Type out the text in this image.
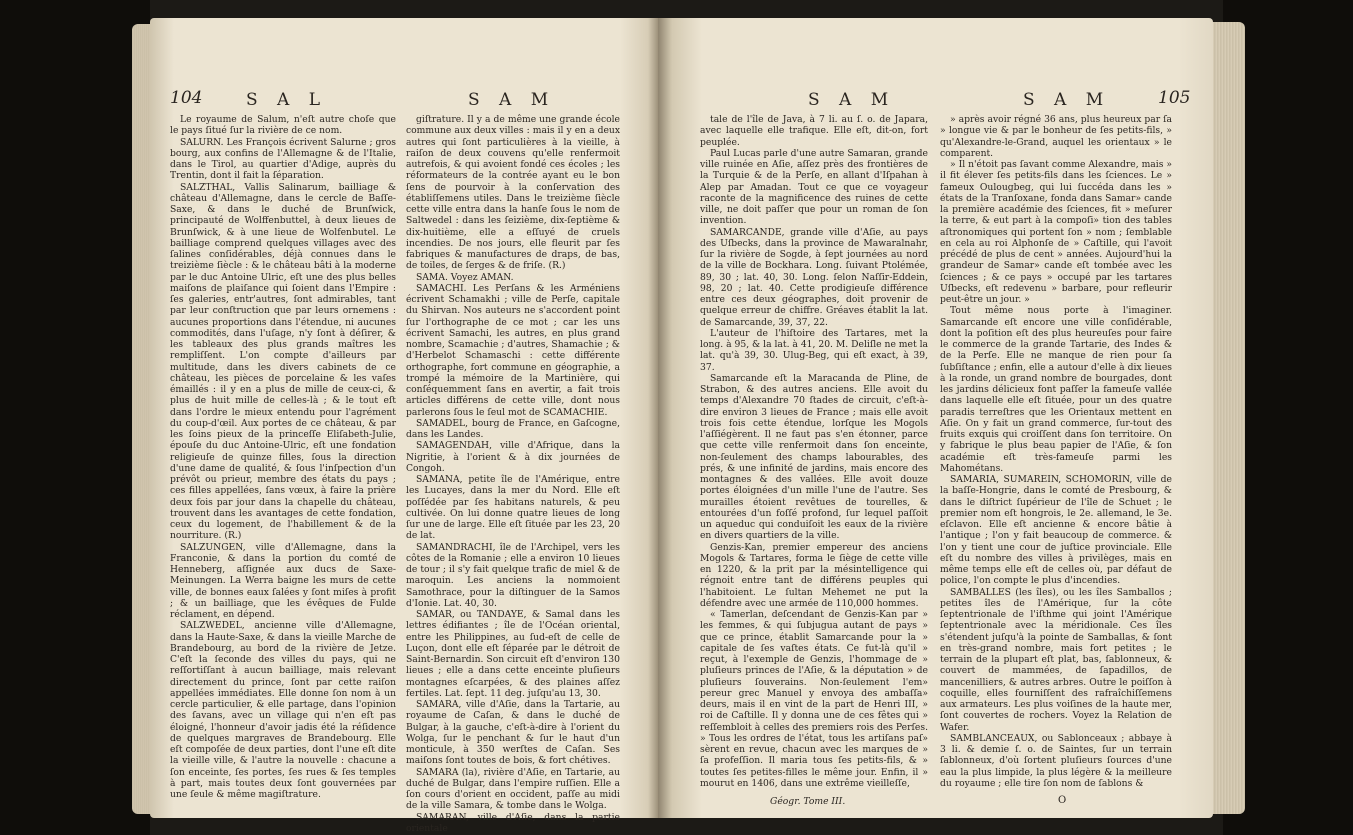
104	S A L	S A M

Le royaume de Salum, n'eſt autre choſe que le pays ſitué ſur la rivière de ce nom.

SALURN. Les François écrivent Salurne ; gros bourg, aux confins de l'Allemagne & de l'Italie, dans le Tirol, au quartier d'Adige, auprès du Trentin, dont il fait la ſéparation.

SALZTHAL, Vallis Salinarum, bailliage & château d'Allemagne, dans le cercle de Baſſe-Saxe, & dans le duché de Brunſwick, principauté de Wolffenbuttel, à deux lieues de Brunſwick, & à une lieue de Wolfenbutel. Le bailliage comprend quelques villages avec des ſalines conſidérables, déjà connues dans le treizième ſiècle : & le château bâti à la moderne par le duc Antoine Ulric, eſt une des plus belles maiſons de plaiſance qui ſoient dans l'Empire : ſes galeries, entr'autres, ſont admirables, tant par leur conſtruction que par leurs ornemens : aucunes proportions dans l'étendue, ni aucunes commodités, dans l'uſage, n'y ſont à déſirer, & les tableaux des plus grands maîtres les rempliſſent. L'on compte d'ailleurs par multitude, dans les divers cabinets de ce château, les pièces de porcelaine & les vaſes émaillés : il y en a plus de mille de ceux-ci, & plus de huit mille de celles-là ; & le tout eſt dans l'ordre le mieux entendu pour l'agrément du coup-d'œil. Aux portes de ce château, & par les ſoins pieux de la princeſſe Eliſabeth-Julie, épouſe du duc Antoine-Ulric, eſt une fondation religieuſe de quinze filles, ſous la direction d'une dame de qualité, & ſous l'inſpection d'un prévôt ou prieur, membre des états du pays ; ces filles appellées, ſans vœux, à faire la prière deux fois par jour dans la chapelle du château, trouvent dans les avantages de cette fondation, ceux du logement, de l'habillement & de la nourriture. (R.)

SALZUNGEN, ville d'Allemagne, dans la Franconie, & dans la portion du comté de Henneberg, aſſignée aux ducs de Saxe-Meinungen. La Werra baigne les murs de cette ville, de bonnes eaux ſalées y ſont miſes à profit ; & un bailliage, que les évêques de Fulde réclament, en dépend.

SALZWEDEL, ancienne ville d'Allemagne, dans la Haute-Saxe, & dans la vieille Marche de Brandebourg, au bord de la rivière de Jetze. C'eſt la ſeconde des villes du pays, qui ne reſſortiſſant à aucun bailliage, mais relevant directement du prince, ſont par cette raiſon appellées immédiates. Elle donne ſon nom à un cercle particulier, & elle partage, dans l'opinion des ſavans, avec un village qui n'en eſt pas éloigné, l'honneur d'avoir jadis été la réſidence de quelques margraves de Brandebourg. Elle eſt compoſée de deux parties, dont l'une eſt dite la vieille ville, & l'autre la nouvelle : chacune a ſon enceinte, ſes portes, ſes rues & ſes temples à part, mais toutes deux ſont gouvernées par une ſeule & même magiſtrature.

giſtrature. Il y a de même une grande école commune aux deux villes : mais il y en a deux autres qui ſont particulières à la vieille, à raiſon de deux couvens qu'elle renfermoit autrefois, & qui avoient fondé ces écoles ; les réformateurs de la contrée ayant eu le bon ſens de pourvoir à la conſervation des établiſſemens utiles. Dans le treizième ſiècle cette ville entra dans la hanſe ſous le nom de Saltwedel : dans les ſeizième, dix-ſeptième & dix-huitième, elle a eſſuyé de cruels incendies. De nos jours, elle fleurit par ſes fabriques & manufactures de draps, de bas, de toiles, de ſerges & de friſe. (R.)

SAMA. Voyez AMAN.

SAMACHI. Les Perſans & les Arméniens écrivent Schamakhi ; ville de Perſe, capitale du Shirvan. Nos auteurs ne s'accordent point ſur l'orthographe de ce mot ; car les uns écrivent Samachi, les autres, en plus grand nombre, Scamachie ; d'autres, Shamachie ; & d'Herbelot Schamaschi : cette différente orthographe, fort commune en géographie, a trompé la mémoire de la Martinière, qui conſéquemment ſans en avertir, a fait trois articles différens de cette ville, dont nous parlerons ſous le ſeul mot de SCAMACHIE.

SAMADEL, bourg de France, en Gaſcogne, dans les Landes.

SAMAGENDAH, ville d'Afrique, dans la Nigritie, à l'orient & à dix journées de Congoh.

SAMANA, petite île de l'Amérique, entre les Lucayes, dans la mer du Nord. Elle eſt poſſédée par ſes habitans naturels, & peu cultivée. On lui donne quatre lieues de long ſur une de large. Elle eſt ſituée par les 23, 20 de lat.

SAMANDRACHI, île de l'Archipel, vers les côtes de la Romanie ; elle a environ 10 lieues de tour ; il s'y fait quelque trafic de miel & de maroquin. Les anciens la nommoient Samothrace, pour la diſtinguer de la Samos d'Ionie. Lat. 40, 30.

SAMAR, ou TANDAYE, & Samal dans les lettres édifiantes ; île de l'Océan oriental, entre les Philippines, au ſud-eſt de celle de Luçon, dont elle eſt ſéparée par le détroit de Saint-Bernardin. Son circuit eſt d'environ 130 lieues ; elle a dans cette enceinte pluſieurs montagnes eſcarpées, & des plaines aſſez fertiles. Lat. ſept. 11 deg. juſqu'au 13, 30.

SAMARA, ville d'Aſie, dans la Tartarie, au royaume de Caſan, & dans le duché de Bulgar, à la gauche, c'eſt-à-dire à l'orient du Wolga, ſur le penchant & ſur le haut d'un monticule, à 350 werſtes de Caſan. Ses maiſons ſont toutes de bois, & fort chétives.

SAMARA (la), rivière d'Aſie, en Tartarie, au duché de Bulgar, dans l'empire ruſſien. Elle a ſon cours d'orient en occident, paſſe au midi de la ville Samara, & tombe dans le Wolga.

SAMARAN, ville d'Aſie, dans la partie orientale

S A M	S A M	105

tale de l'île de Java, à 7 li. au ſ. o. de Japara, avec laquelle elle trafique. Elle eſt, dit-on, fort peuplée.

Paul Lucas parle d'une autre Samaran, grande ville ruinée en Aſie, aſſez près des frontières de la Turquie & de la Perſe, en allant d'Iſpahan à Alep par Amadan. Tout ce que ce voyageur raconte de la magnificence des ruines de cette ville, ne doit paſſer que pour un roman de ſon invention.

SAMARCANDE, grande ville d'Aſie, au pays des Uſbecks, dans la province de Mawaralnahr, ſur la rivière de Sogde, à ſept journées au nord de la ville de Bockhara. Long. ſuivant Ptolémée, 89, 30 ; lat. 40, 30. Long. ſelon Naſſir-Eddein, 98, 20 ; lat. 40. Cette prodigieuſe différence entre ces deux géographes, doit provenir de quelque erreur de chiffre. Gréaves établit la lat. de Samarcande, 39, 37, 22.

L'auteur de l'hiſtoire des Tartares, met la long. à 95, & la lat. à 41, 20. M. Deliſle ne met la lat. qu'à 39, 30. Ulug-Beg, qui eſt exact, à 39, 37.

Samarcande eſt la Maracanda de Pline, de Strabon, & des autres anciens. Elle avoit du temps d'Alexandre 70 ſtades de circuit, c'eſt-à-dire environ 3 lieues de France ; mais elle avoit trois fois cette étendue, lorſque les Mogols l'aſſiégèrent. Il ne faut pas s'en étonner, parce que cette ville renfermoit dans ſon enceinte, non-ſeulement des champs labourables, des prés, & une infinité de jardins, mais encore des montagnes & des vallées. Elle avoit douze portes éloignées d'un mille l'une de l'autre. Ses murailles étoient revêtues de tourelles, & entourées d'un foſſé profond, ſur lequel paſſoit un aqueduc qui conduiſoit les eaux de la rivière en divers quartiers de la ville.

Genzis-Kan, premier empereur des anciens Mogols & Tartares, forma le ſiège de cette ville en 1220, & la prit par la mésintelligence qui régnoit entre tant de différens peuples qui l'habitoient. Le ſultan Mehemet ne put la défendre avec une armée de 110,000 hommes.

« Tamerlan, deſcendant de Genzis-Kan par » les femmes, & qui ſubjugua autant de pays » que ce prince, établit Samarcande pour la » capitale de ſes vaſtes états. Ce fut-là qu'il » reçut, à l'exemple de Genzis, l'hommage de » pluſieurs princes de l'Aſie, & la députation » de pluſieurs ſouverains. Non-ſeulement l'em» pereur grec Manuel y envoya des ambaſſa» deurs, mais il en vint de la part de Henri III, » roi de Caſtille. Il y donna une de ces fêtes qui » reſſembloit à celles des premiers rois des Perſes. » Tous les ordres de l'état, tous les artiſans paſ» sèrent en revue, chacun avec les marques de » ſa profeſſion. Il maria tous ſes petits-fils, & » toutes ſes petites-filles le même jour. Enfin, il » mourut en 1406, dans une extrême vieilleſſe,

» après avoir régné 36 ans, plus heureux par ſa » longue vie & par le bonheur de ſes petits-fils, » qu'Alexandre-le-Grand, auquel les orientaux » le comparent.

» Il n'étoit pas ſavant comme Alexandre, mais » il fit élever ſes petits-fils dans les ſciences. Le » fameux Oulougbeg, qui lui ſuccéda dans les » états de la Tranſoxane, fonda dans Samar» cande la première académie des ſciences, fit » meſurer la terre, & eut part à la compoſi» tion des tables aſtronomiques qui portent ſon » nom ; ſemblable en cela au roi Alphonſe de » Caſtille, qui l'avoit précédé de plus de cent » années. Aujourd'hui la grandeur de Samar» cande eſt tombée avec les ſciences ; & ce pays » occupé par les tartares Uſbecks, eſt redevenu » barbare, pour refleurir peut-être un jour. »

Tout même nous porte à l'imaginer. Samarcande eſt encore une ville conſidérable, dont la poſition eſt des plus heureuſes pour faire le commerce de la grande Tartarie, des Indes & de la Perſe. Elle ne manque de rien pour ſa ſubſiſtance ; enfin, elle a autour d'elle à dix lieues à la ronde, un grand nombre de bourgades, dont les jardins délicieux font paſſer la fameuſe vallée dans laquelle elle eſt ſituée, pour un des quatre paradis terreſtres que les Orientaux mettent en Aſie. On y fait un grand commerce, ſur-tout des fruits exquis qui croiſſent dans ſon territoire. On y fabrique le plus beau papier de l'Aſie, & ſon académie eſt très-fameuſe parmi les Mahométans.

SAMARIA, SUMAREIN, SCHOMORIN, ville de la baſſe-Hongrie, dans le comté de Presbourg, & dans le diſtrict ſupérieur de l'île de Schuet ; le premier nom eſt hongrois, le 2e. allemand, le 3e. eſclavon. Elle eſt ancienne & encore bâtie à l'antique ; l'on y fait beaucoup de commerce. & l'on y tient une cour de juſtice provinciale. Elle eſt du nombre des villes à privilèges, mais en même temps elle eſt de celles où, par défaut de police, l'on compte le plus d'incendies.

SAMBALLES (les îles), ou les îles Samballos ; petites îles de l'Amérique, ſur la côte ſeptentrionale de l'iſthme qui joint l'Amérique ſeptentrionale avec la méridionale. Ces îles s'étendent juſqu'à la pointe de Samballas, & ſont en très-grand nombre, mais fort petites ; le terrain de la plupart eſt plat, bas, ſablonneux, & couvert de mammées, de ſapadillos, de mancenilliers, & autres arbres. Outre le poiſſon à coquille, elles fourniſſent des rafraîchiſſemens aux armateurs. Les plus voiſines de la haute mer, ſont couvertes de rochers. Voyez la Relation de Wafer.

SAMBLANCEAUX, ou Sablonceaux ; abbaye à 3 li. & demie ſ. o. de Saintes, ſur un terrain ſablonneux, d'où ſortent pluſieurs ſources d'une eau la plus limpide, la plus légère & la meilleure du royaume ; elle tire ſon nom de ſablons &

Géogr. Tome III.	O
